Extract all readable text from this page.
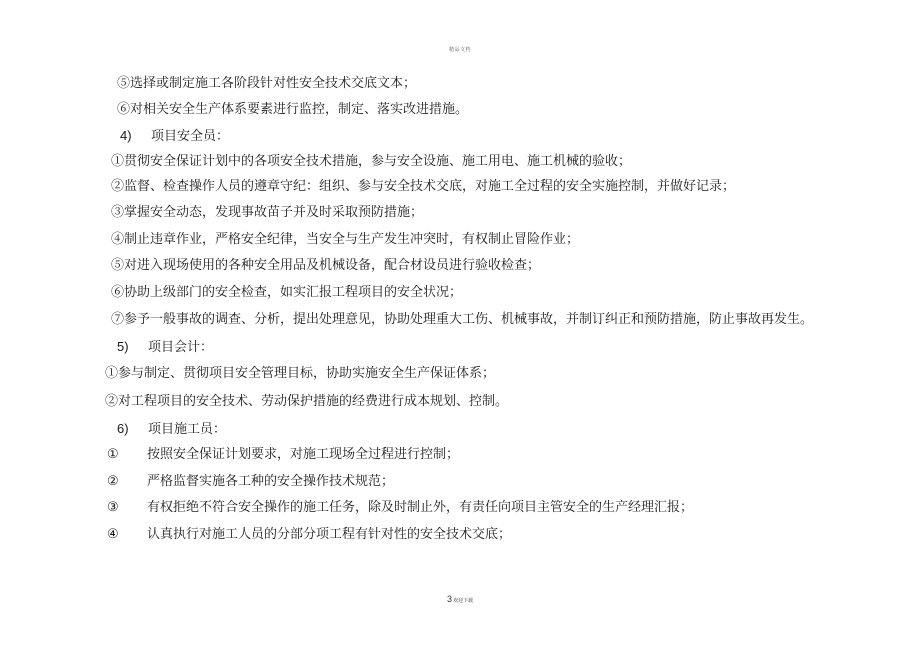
精品文档
⑤选择或制定施工各阶段针对性安全技术交底文本；
⑥对相关安全生产体系要素进行监控，制定、落实改进措施。
4) 项目安全员：
①贯彻安全保证计划中的各项安全技术措施，参与安全设施、施工用电、施工机械的验收；
②监督、检查操作人员的遵章守纪：组织、参与安全技术交底，对施工全过程的安全实施控制，并做好记录；
③掌握安全动态，发现事故苗子并及时采取预防措施；
④制止违章作业，严格安全纪律，当安全与生产发生冲突时，有权制止冒险作业；
⑤对进入现场使用的各种安全用品及机械设备，配合材设员进行验收检查；
⑥协助上级部门的安全检查，如实汇报工程项目的安全状况；
⑦参予一般事故的调查、分析，提出处理意见，协助处理重大工伤、机械事故，并制订纠正和预防措施，防止事故再发生。
5) 项目会计：
①参与制定、贯彻项目安全管理目标，协助实施安全生产保证体系；
②对工程项目的安全技术、劳动保护措施的经费进行成本规划、控制。
6) 项目施工员：
① 按照安全保证计划要求，对施工现场全过程进行控制；
② 严格监督实施各工种的安全操作技术规范；
③ 有权拒绝不符合安全操作的施工任务，除及时制止外，有责任向项目主管安全的生产经理汇报；
④ 认真执行对施工人员的分部分项工程有针对性的安全技术交底；
3欢迎下载
